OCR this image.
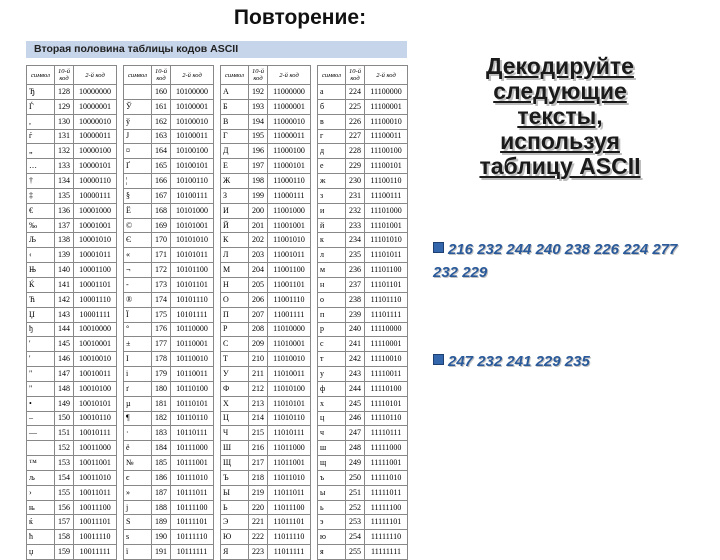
Повторение:
Вторая половина таблицы кодов ASCII
символ	10-й код	2-й код		символ	10-й код	2-й код		символ	10-й код	2-й код		символ	10-й код	2-й код
Ђ	128	10000000			160	10100000		А	192	11000000		а	224	11100000
Ѓ	129	10000001		Ў	161	10100001		Б	193	11000001		б	225	11100001
,	130	10000010		ў	162	10100010		В	194	11000010		в	226	11100010
ѓ	131	10000011		Ј	163	10100011		Г	195	11000011		г	227	11100011
„	132	10000100		¤	164	10100100		Д	196	11000100		д	228	11100100
…	133	10000101		Ґ	165	10100101		Е	197	11000101		е	229	11100101
†	134	10000110		¦	166	10100110		Ж	198	11000110		ж	230	11100110
‡	135	10000111		§	167	10100111		З	199	11000111		з	231	11100111
€	136	10001000		Ё	168	10101000		И	200	11001000		и	232	11101000
‰	137	10001001		©	169	10101001		Й	201	11001001		й	233	11101001
Љ	138	10001010		Є	170	10101010		К	202	11001010		к	234	11101010
‹	139	10001011		«	171	10101011		Л	203	11001011		л	235	11101011
Њ	140	10001100		¬	172	10101100		М	204	11001100		м	236	11101100
Ќ	141	10001101		-	173	10101101		Н	205	11001101		н	237	11101101
Ћ	142	10001110		®	174	10101110		О	206	11001110		о	238	11101110
Џ	143	10001111		Ї	175	10101111		П	207	11001111		п	239	11101111
ђ	144	10010000		°	176	10110000		Р	208	11010000		р	240	11110000
'	145	10010001		±	177	10110001		С	209	11010001		с	241	11110001
'	146	10010010		І	178	10110010		Т	210	11010010		т	242	11110010
"	147	10010011		і	179	10110011		У	211	11010011		у	243	11110011
"	148	10010100		ґ	180	10110100		Ф	212	11010100		ф	244	11110100
•	149	10010101		µ	181	10110101		Х	213	11010101		х	245	11110101
–	150	10010110		¶	182	10110110		Ц	214	11010110		ц	246	11110110
—	151	10010111		·	183	10110111		Ч	215	11010111		ч	247	11110111
	152	10011000		ё	184	10111000		Ш	216	11011000		ш	248	11111000
™	153	10011001		№	185	10111001		Щ	217	11011001		щ	249	11111001
љ	154	10011010		є	186	10111010		Ъ	218	11011010		ъ	250	11111010
›	155	10011011		»	187	10111011		Ы	219	11011011		ы	251	11111011
њ	156	10011100		ј	188	10111100		Ь	220	11011100		ь	252	11111100
ќ	157	10011101		Ѕ	189	10111101		Э	221	11011101		э	253	11111101
ћ	158	10011110		ѕ	190	10111110		Ю	222	11011110		ю	254	11111110
џ	159	10011111		ї	191	10111111		Я	223	11011111		я	255	11111111
Декодируйте
следующие
тексты,
используя
таблицу ASCII
216 232 244 240 238 226 224 277 232 229
247 232 241 229 235
